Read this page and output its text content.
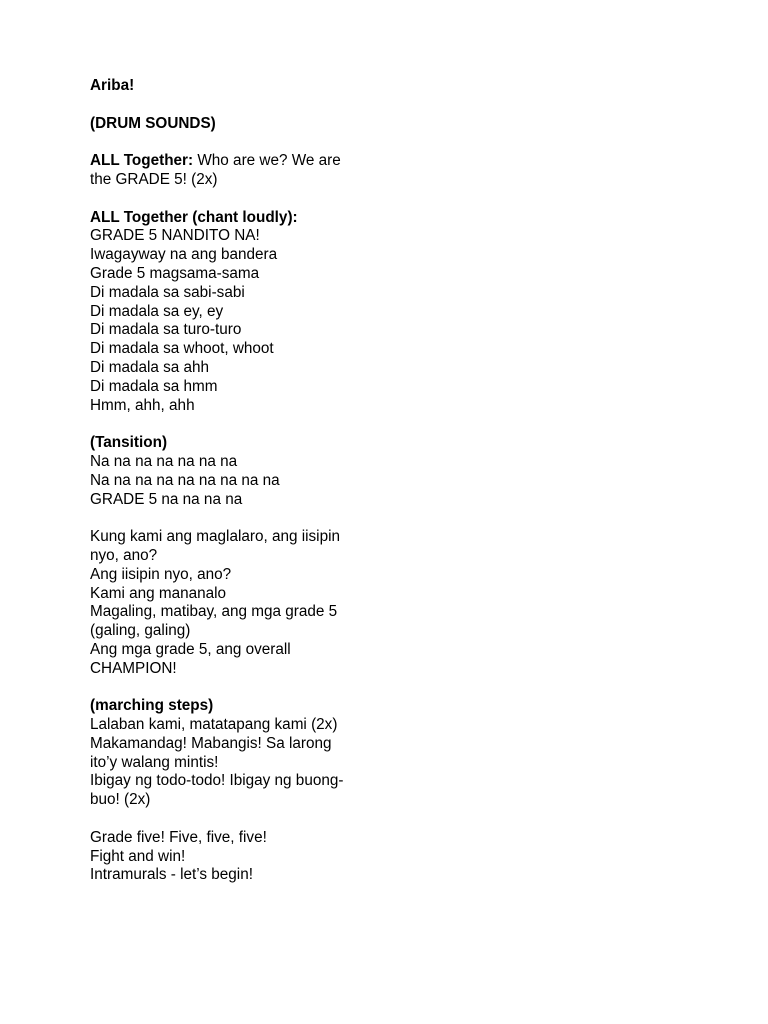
Ariba!
(DRUM SOUNDS)
ALL Together: Who are we? We are
the GRADE 5! (2x)
ALL Together (chant loudly):
GRADE 5 NANDITO NA!
Iwagayway na ang bandera
Grade 5 magsama-sama
Di madala sa sabi-sabi
Di madala sa ey, ey
Di madala sa turo-turo
Di madala sa whoot, whoot
Di madala sa ahh
Di madala sa hmm
Hmm, ahh, ahh
(Tansition)
Na na na na na na na
Na na na na na na na na na
GRADE 5 na na na na
Kung kami ang maglalaro, ang iisipin
nyo, ano?
Ang iisipin nyo, ano?
Kami ang mananalo
Magaling, matibay, ang mga grade 5
(galing, galing)
Ang mga grade 5, ang overall
CHAMPION!
(marching steps)
Lalaban kami, matatapang kami (2x)
Makamandag! Mabangis! Sa larong
ito’y walang mintis!
Ibigay ng todo-todo! Ibigay ng buong-
buo! (2x)
Grade five! Five, five, five!
Fight and win!
Intramurals - let’s begin!
